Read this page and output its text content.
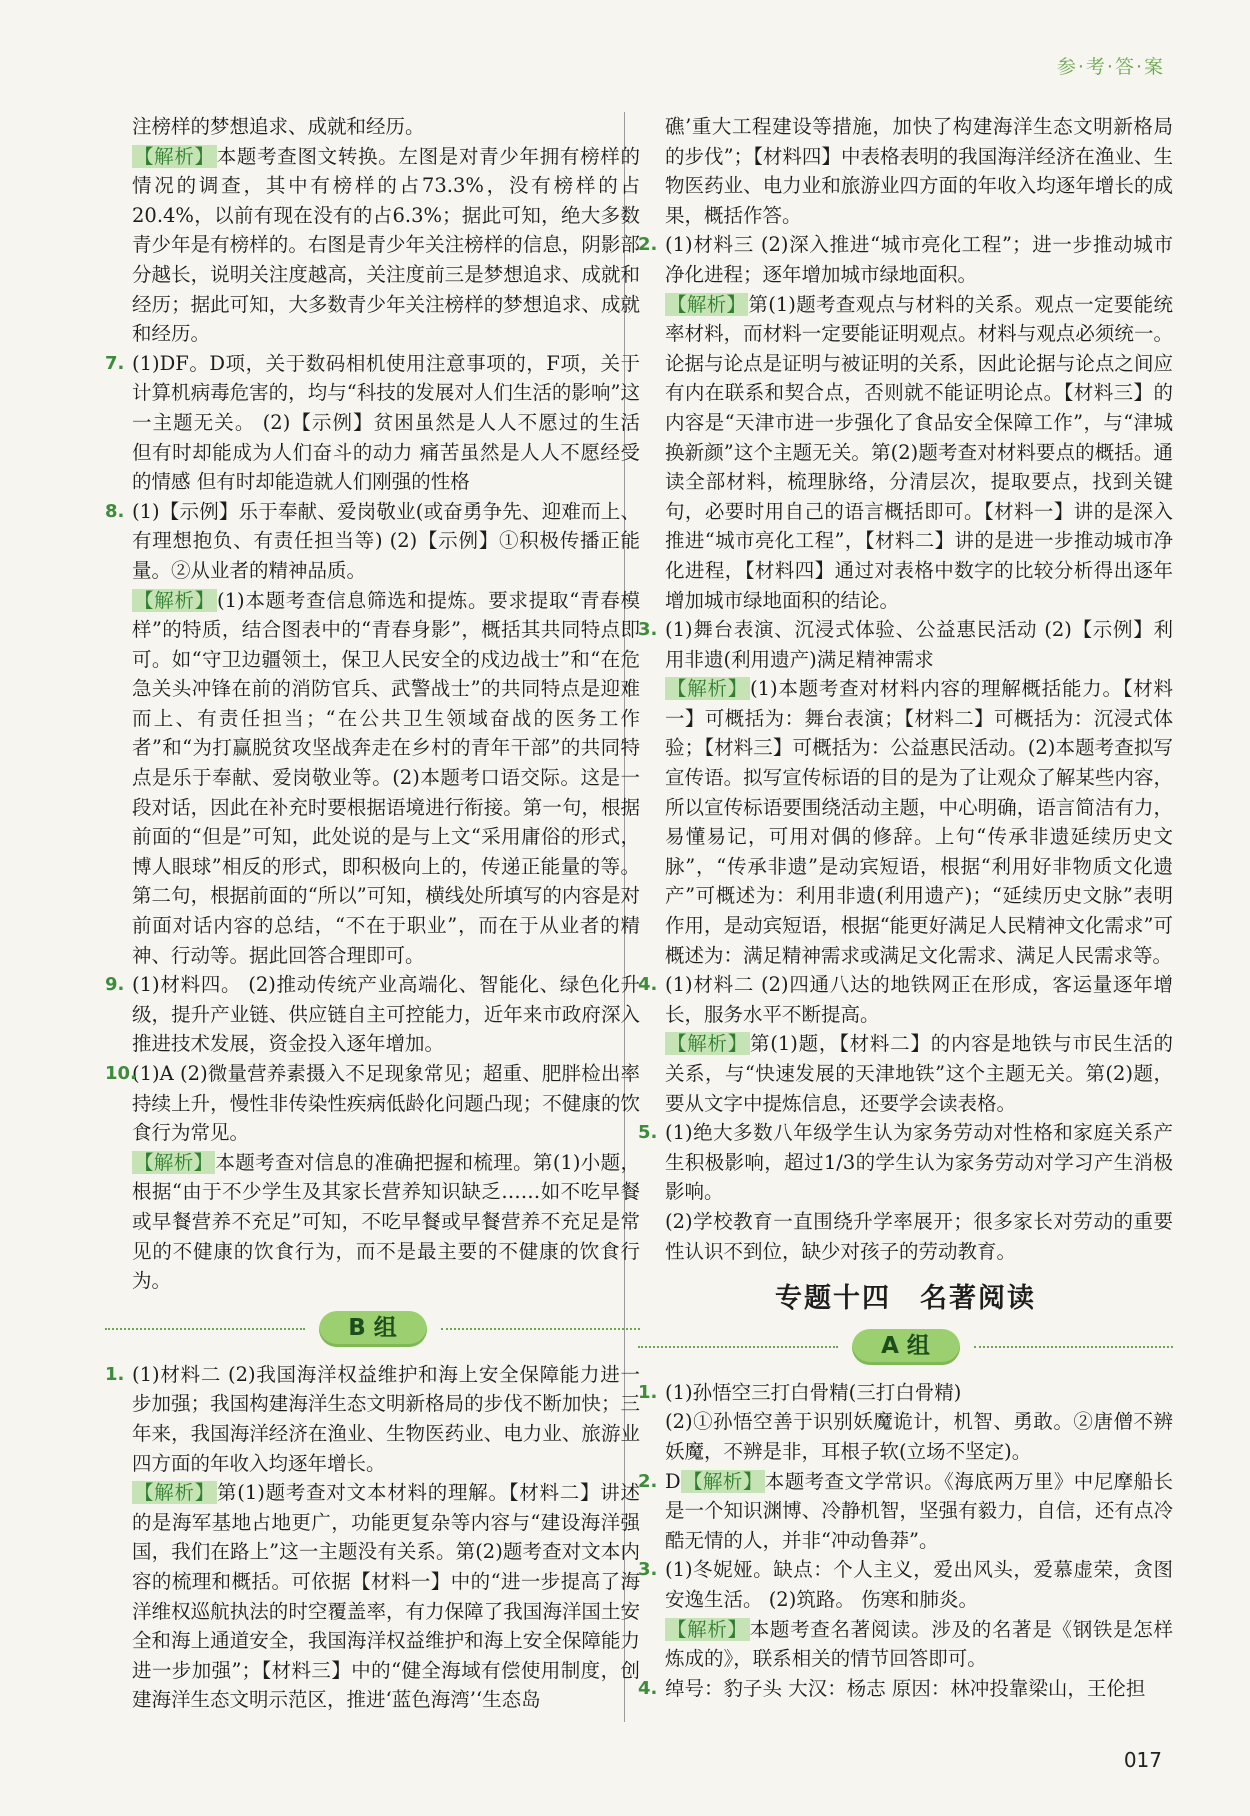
参·考·答·案

注榜样的梦想追求、成就和经历。

【解析】 本题考查图文转换。左图是对青少年拥有榜样的情况的调查，其中有榜样的占73.3%，没有榜样的占20.4%，以前有现在没有的占6.3%；据此可知，绝大多数青少年是有榜样的。右图是青少年关注榜样的信息，阴影部分越长，说明关注度越高，关注度前三是梦想追求、成就和经历；据此可知，大多数青少年关注榜样的梦想追求、成就和经历。

7. (1)DF。D项，关于数码相机使用注意事项的，F项，关于计算机病毒危害的，均与“科技的发展对人们生活的影响”这一主题无关。 (2)【示例】贫困虽然是人人不愿过的生活 但有时却能成为人们奋斗的动力 痛苦虽然是人人不愿经受的情感 但有时却能造就人们刚强的性格

8. (1)【示例】乐于奉献、爱岗敬业(或奋勇争先、迎难而上、有理想抱负、有责任担当等) (2)【示例】①积极传播正能量。②从业者的精神品质。

【解析】 (1)本题考查信息筛选和提炼。要求提取“青春模样”的特质，结合图表中的“青春身影”，概括其共同特点即可。如“守卫边疆领土，保卫人民安全的戍边战士”和“在危急关头冲锋在前的消防官兵、武警战士”的共同特点是迎难而上、有责任担当；“在公共卫生领域奋战的医务工作者”和“为打赢脱贫攻坚战奔走在乡村的青年干部”的共同特点是乐于奉献、爱岗敬业等。(2)本题考口语交际。这是一段对话，因此在补充时要根据语境进行衔接。第一句，根据前面的“但是”可知，此处说的是与上文“采用庸俗的形式，博人眼球”相反的形式，即积极向上的，传递正能量的等。第二句，根据前面的“所以”可知，横线处所填写的内容是对前面对话内容的总结，“不在于职业”，而在于从业者的精神、行动等。据此回答合理即可。

9. (1)材料四。 (2)推动传统产业高端化、智能化、绿色化升级，提升产业链、供应链自主可控能力，近年来市政府深入推进技术发展，资金投入逐年增加。

10.

(1)A (2)微量营养素摄入不足现象常见；超重、肥胖检出率持续上升，慢性非传染性疾病低龄化问题凸现；不健康的饮食行为常见。

【解析】 本题考查对信息的准确把握和梳理。第(1)小题，根据“由于不少学生及其家长营养知识缺乏……如不吃早餐或早餐营养不充足”可知，不吃早餐或早餐营养不充足是常见的不健康的饮食行为，而不是最主要的不健康的饮食行为。

B 组
1. (1)材料二 (2)我国海洋权益维护和海上安全保障能力进一步加强；我国构建海洋生态文明新格局的步伐不断加快；三年来，我国海洋经济在渔业、生物医药业、电力业、旅游业四方面的年收入均逐年增长。

【解析】 第(1)题考查对文本材料的理解。【材料二】讲述的是海军基地占地更广，功能更复杂等内容与“建设海洋强国，我们在路上”这一主题没有关系。第(2)题考查对文本内容的梳理和概括。可依据【材料一】中的“进一步提高了海洋维权巡航执法的时空覆盖率，有力保障了我国海洋国土安全和海上通道安全，我国海洋权益维护和海上安全保障能力进一步加强”；【材料三】中的“健全海域有偿使用制度，创建海洋生态文明示范区，推进‘蓝色海湾’‘生态岛

礁’重大工程建设等措施，加快了构建海洋生态文明新格局的步伐”；【材料四】中表格表明的我国海洋经济在渔业、生物医药业、电力业和旅游业四方面的年收入均逐年增长的成果，概括作答。

2. (1)材料三 (2)深入推进“城市亮化工程”；进一步推动城市净化进程；逐年增加城市绿地面积。

【解析】 第(1)题考查观点与材料的关系。观点一定要能统率材料，而材料一定要能证明观点。材料与观点必须统一。论据与论点是证明与被证明的关系，因此论据与论点之间应有内在联系和契合点，否则就不能证明论点。【材料三】的内容是“天津市进一步强化了食品安全保障工作”，与“津城换新颜”这个主题无关。第(2)题考查对材料要点的概括。通读全部材料，梳理脉络，分清层次，提取要点，找到关键句，必要时用自己的语言概括即可。【材料一】讲的是深入推进“城市亮化工程”，【材料二】讲的是进一步推动城市净化进程，【材料四】通过对表格中数字的比较分析得出逐年增加城市绿地面积的结论。

3. (1)舞台表演、沉浸式体验、公益惠民活动 (2)【示例】利用非遗(利用遗产)满足精神需求

【解析】 (1)本题考查对材料内容的理解概括能力。【材料一】可概括为：舞台表演；【材料二】可概括为：沉浸式体验；【材料三】可概括为：公益惠民活动。(2)本题考查拟写宣传语。拟写宣传标语的目的是为了让观众了解某些内容，所以宣传标语要围绕活动主题，中心明确，语言简洁有力，易懂易记，可用对偶的修辞。上句“传承非遗延续历史文脉”，“传承非遗”是动宾短语，根据“利用好非物质文化遗产”可概述为：利用非遗(利用遗产)；“延续历史文脉”表明作用，是动宾短语，根据“能更好满足人民精神文化需求”可概述为：满足精神需求或满足文化需求、满足人民需求等。

4. (1)材料二 (2)四通八达的地铁网正在形成，客运量逐年增长，服务水平不断提高。

【解析】 第(1)题，【材料二】的内容是地铁与市民生活的关系，与“快速发展的天津地铁”这个主题无关。第(2)题，要从文字中提炼信息，还要学会读表格。

5. (1)绝大多数八年级学生认为家务劳动对性格和家庭关系产生积极影响，超过1/3的学生认为家务劳动对学习产生消极影响。

(2)学校教育一直围绕升学率展开；很多家长对劳动的重要性认识不到位，缺少对孩子的劳动教育。

专题十四　名著阅读
A 组
1. (1)孙悟空三打白骨精(三打白骨精)

(2)①孙悟空善于识别妖魔诡计，机智、勇敢。②唐僧不辨妖魔，不辨是非，耳根子软(立场不坚定)。

2. D 【解析】 本题考查文学常识。《海底两万里》中尼摩船长是一个知识渊博、冷静机智，坚强有毅力，自信，还有点冷酷无情的人，并非“冲动鲁莽”。

3. (1)冬妮娅。缺点：个人主义，爱出风头，爱慕虚荣，贪图安逸生活。 (2)筑路。 伤寒和肺炎。

【解析】 本题考查名著阅读。涉及的名著是《钢铁是怎样炼成的》，联系相关的情节回答即可。

4. 绰号：豹子头 大汉：杨志 原因：林冲投靠梁山，王伦担

017
